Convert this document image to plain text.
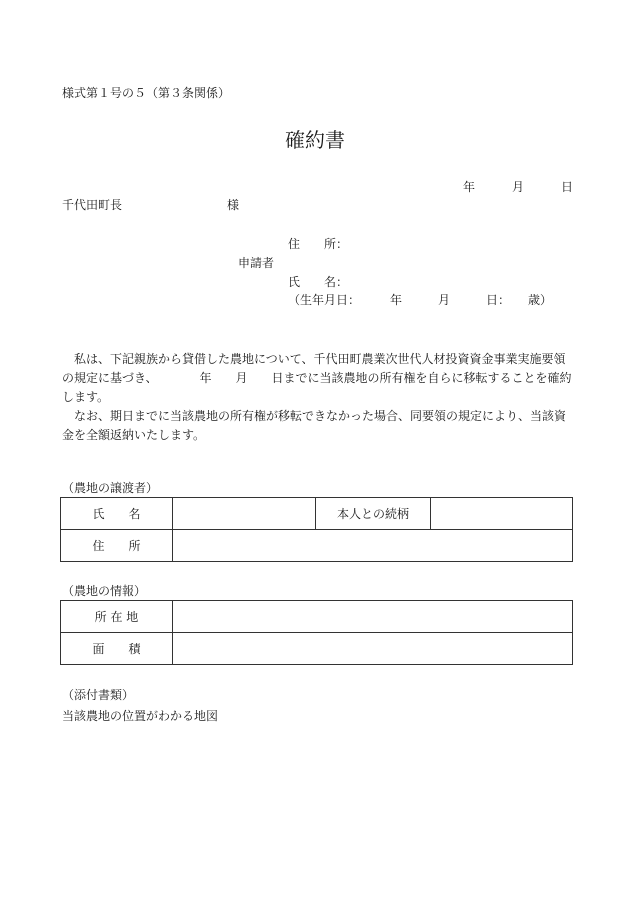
様式第１号の５（第３条関係）
確約書
年	月	日
千代田町長	様
住　　所：
申請者
氏　　名：
（生年月日：　　　年　　　月　　　日：　　歳）

私は、下記親族から貸借した農地について、千代田町農業次世代人材投資資金事業実施要領の規定に基づき、　　　　年　　月　　日までに当該農地の所有権を自らに移転することを確約します。

なお、期日までに当該農地の所有権が移転できなかった場合、同要領の規定により、当該資金を全額返納いたします。

（農地の譲渡者）
氏　　名		本人との続柄	
住　　所			
（農地の情報）
所 在 地	
面　　積	
（添付書類）
当該農地の位置がわかる地図
